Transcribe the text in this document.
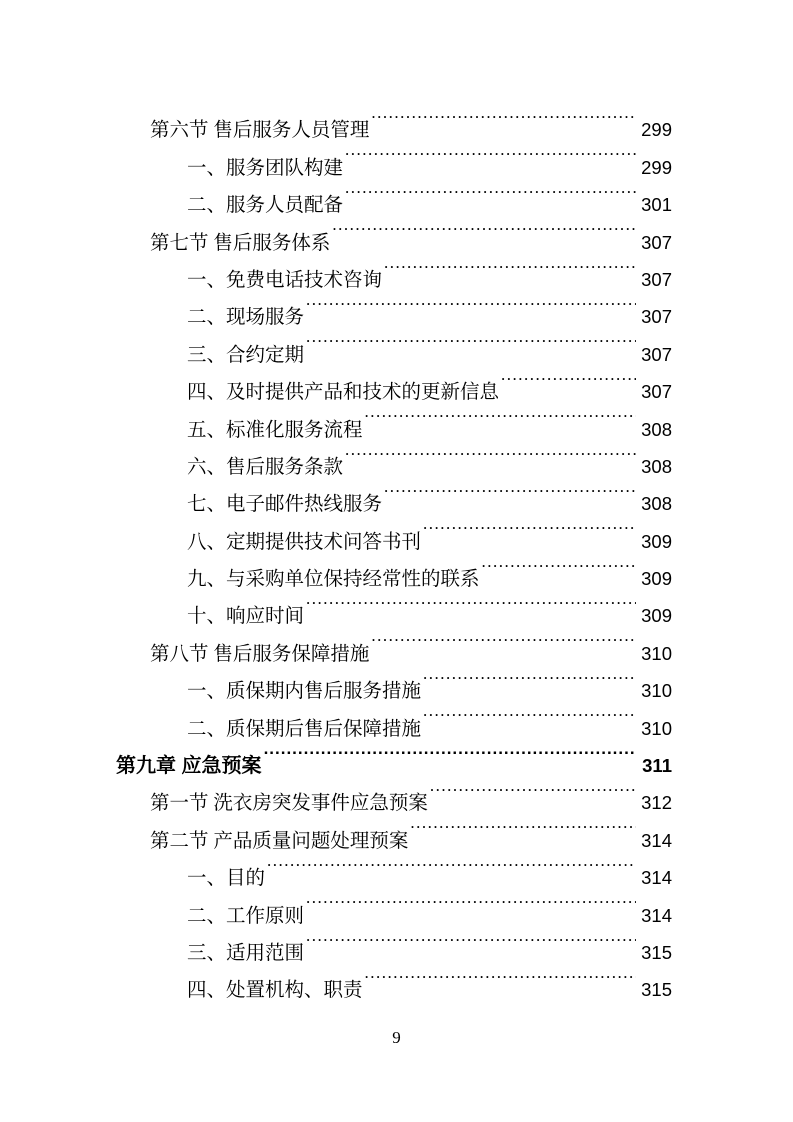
第六节 售后服务人员管理 .....	299
一、服务团队构建 .....	299
二、服务人员配备 .....	301
第七节 售后服务体系 .....	307
一、免费电话技术咨询 .....	307
二、现场服务 .....	307
三、合约定期 .....	307
四、及时提供产品和技术的更新信息 .....	307
五、标准化服务流程 .....	308
六、售后服务条款 .....	308
七、电子邮件热线服务 .....	308
八、定期提供技术问答书刊 .....	309
九、与采购单位保持经常性的联系 .....	309
十、响应时间 .....	309
第八节 售后服务保障措施 .....	310
一、质保期内售后服务措施 .....	310
二、质保期后售后保障措施 .....	310
第九章 应急预案 .....	311
第一节 洗衣房突发事件应急预案 .....	312
第二节 产品质量问题处理预案 .....	314
一、目的 .....	314
二、工作原则 .....	314
三、适用范围 .....	315
四、处置机构、职责 .....	315
9
